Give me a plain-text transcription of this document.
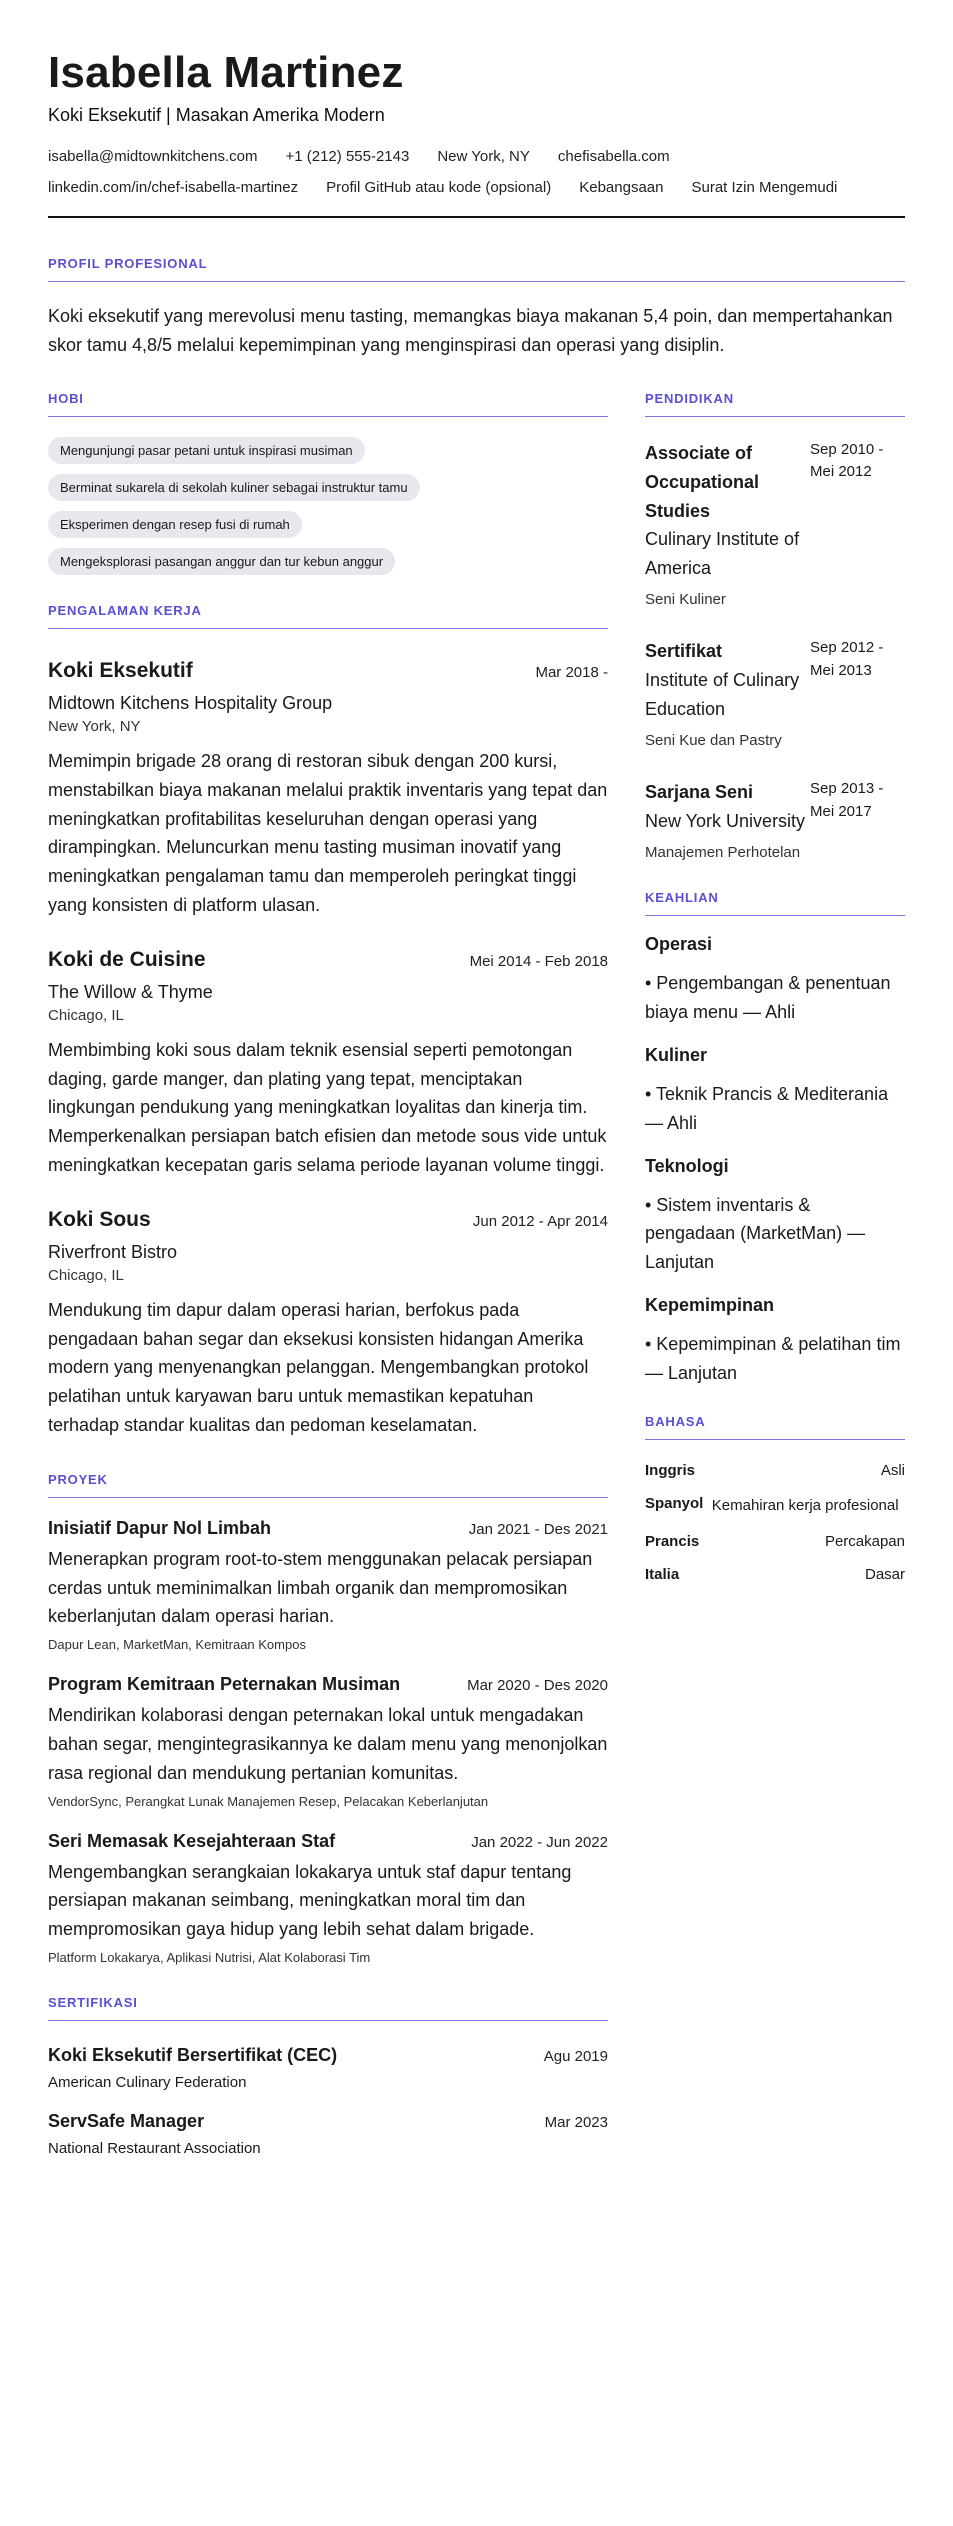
Isabella Martinez
Koki Eksekutif | Masakan Amerika Modern
isabella@midtownkitchens.com +1 (212) 555-2143 New York, NY chefisabella.com
linkedin.com/in/chef-isabella-martinez Profil GitHub atau kode (opsional) Kebangsaan Surat Izin Mengemudi
PROFIL PROFESIONAL
Koki eksekutif yang merevolusi menu tasting, memangkas biaya makanan 5,4 poin, dan mempertahankan skor tamu 4,8/5 melalui kepemimpinan yang menginspirasi dan operasi yang disiplin.
HOBI
Mengunjungi pasar petani untuk inspirasi musiman
Berminat sukarela di sekolah kuliner sebagai instruktur tamu
Eksperimen dengan resep fusi di rumah
Mengeksplorasi pasangan anggur dan tur kebun anggur
PENGALAMAN KERJA
Koki Eksekutif	Mar 2018 -
Midtown Kitchens Hospitality Group
New York, NY
Memimpin brigade 28 orang di restoran sibuk dengan 200 kursi, menstabilkan biaya makanan melalui praktik inventaris yang tepat dan meningkatkan profitabilitas keseluruhan dengan operasi yang dirampingkan. Meluncurkan menu tasting musiman inovatif yang meningkatkan pengalaman tamu dan memperoleh peringkat tinggi yang konsisten di platform ulasan.
Koki de Cuisine	Mei 2014 - Feb 2018
The Willow & Thyme
Chicago, IL
Membimbing koki sous dalam teknik esensial seperti pemotongan daging, garde manger, dan plating yang tepat, menciptakan lingkungan pendukung yang meningkatkan loyalitas dan kinerja tim. Memperkenalkan persiapan batch efisien dan metode sous vide untuk meningkatkan kecepatan garis selama periode layanan volume tinggi.
Koki Sous	Jun 2012 - Apr 2014
Riverfront Bistro
Chicago, IL
Mendukung tim dapur dalam operasi harian, berfokus pada pengadaan bahan segar dan eksekusi konsisten hidangan Amerika modern yang menyenangkan pelanggan. Mengembangkan protokol pelatihan untuk karyawan baru untuk memastikan kepatuhan terhadap standar kualitas dan pedoman keselamatan.
PROYEK
Inisiatif Dapur Nol Limbah	Jan 2021 - Des 2021
Menerapkan program root-to-stem menggunakan pelacak persiapan cerdas untuk meminimalkan limbah organik dan mempromosikan keberlanjutan dalam operasi harian.
Dapur Lean, MarketMan, Kemitraan Kompos
Program Kemitraan Peternakan Musiman	Mar 2020 - Des 2020
Mendirikan kolaborasi dengan peternakan lokal untuk mengadakan bahan segar, mengintegrasikannya ke dalam menu yang menonjolkan rasa regional dan mendukung pertanian komunitas.
VendorSync, Perangkat Lunak Manajemen Resep, Pelacakan Keberlanjutan
Seri Memasak Kesejahteraan Staf	Jan 2022 - Jun 2022
Mengembangkan serangkaian lokakarya untuk staf dapur tentang persiapan makanan seimbang, meningkatkan moral tim dan mempromosikan gaya hidup yang lebih sehat dalam brigade.
Platform Lokakarya, Aplikasi Nutrisi, Alat Kolaborasi Tim
SERTIFIKASI
Koki Eksekutif Bersertifikat (CEC)	Agu 2019
American Culinary Federation
ServSafe Manager	Mar 2023
National Restaurant Association
PENDIDIKAN
Associate of Occupational Studies
Culinary Institute of America
Seni Kuliner
Sep 2010 - Mei 2012
Sertifikat
Institute of Culinary Education
Seni Kue dan Pastry
Sep 2012 - Mei 2013
Sarjana Seni
New York University
Manajemen Perhotelan
Sep 2013 - Mei 2017
KEAHLIAN
Operasi
• Pengembangan & penentuan biaya menu — Ahli
Kuliner
• Teknik Prancis & Mediterania — Ahli
Teknologi
• Sistem inventaris & pengadaan (MarketMan) — Lanjutan
Kepemimpinan
• Kepemimpinan & pelatihan tim — Lanjutan
BAHASA
Inggris	Asli
Spanyol Kemahiran kerja profesional
Prancis	Percakapan
Italia	Dasar
